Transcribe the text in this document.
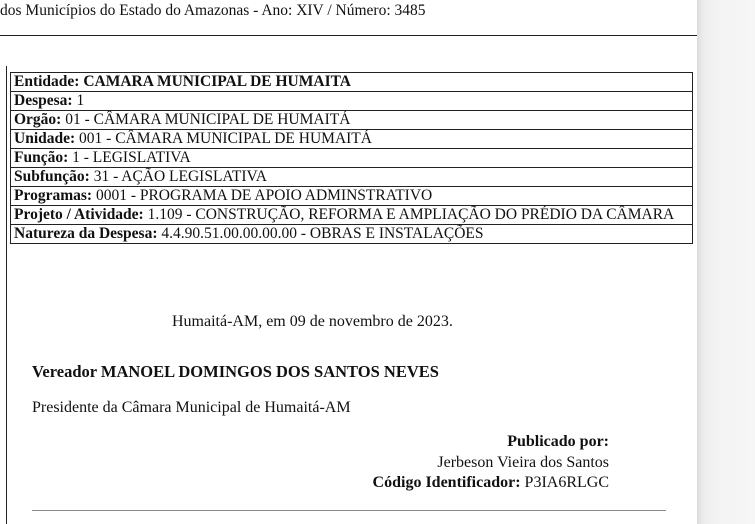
dos Municípios do Estado do Amazonas - Ano: XIV / Número: 3485
Entidade: CAMARA MUNICIPAL DE HUMAITA
Despesa: 1
Orgão: 01 - CÂMARA MUNICIPAL DE HUMAITÁ
Unidade: 001 - CÂMARA MUNICIPAL DE HUMAITÁ
Função: 1 - LEGISLATIVA
Subfunção: 31 - AÇÃO LEGISLATIVA
Programas: 0001 - PROGRAMA DE APOIO ADMINSTRATIVO
Projeto / Atividade: 1.109 - CONSTRUÇÃO, REFORMA E AMPLIAÇÃO DO PRÉDIO DA CÂMARA
Natureza da Despesa: 4.4.90.51.00.00.00.00 - OBRAS E INSTALAÇÕES
Humaitá-AM, em 09 de novembro de 2023.
Vereador MANOEL DOMINGOS DOS SANTOS NEVES
Presidente da Câmara Municipal de Humaitá-AM
Publicado por:
Jerbeson Vieira dos Santos
Código Identificador: P3IA6RLGC
